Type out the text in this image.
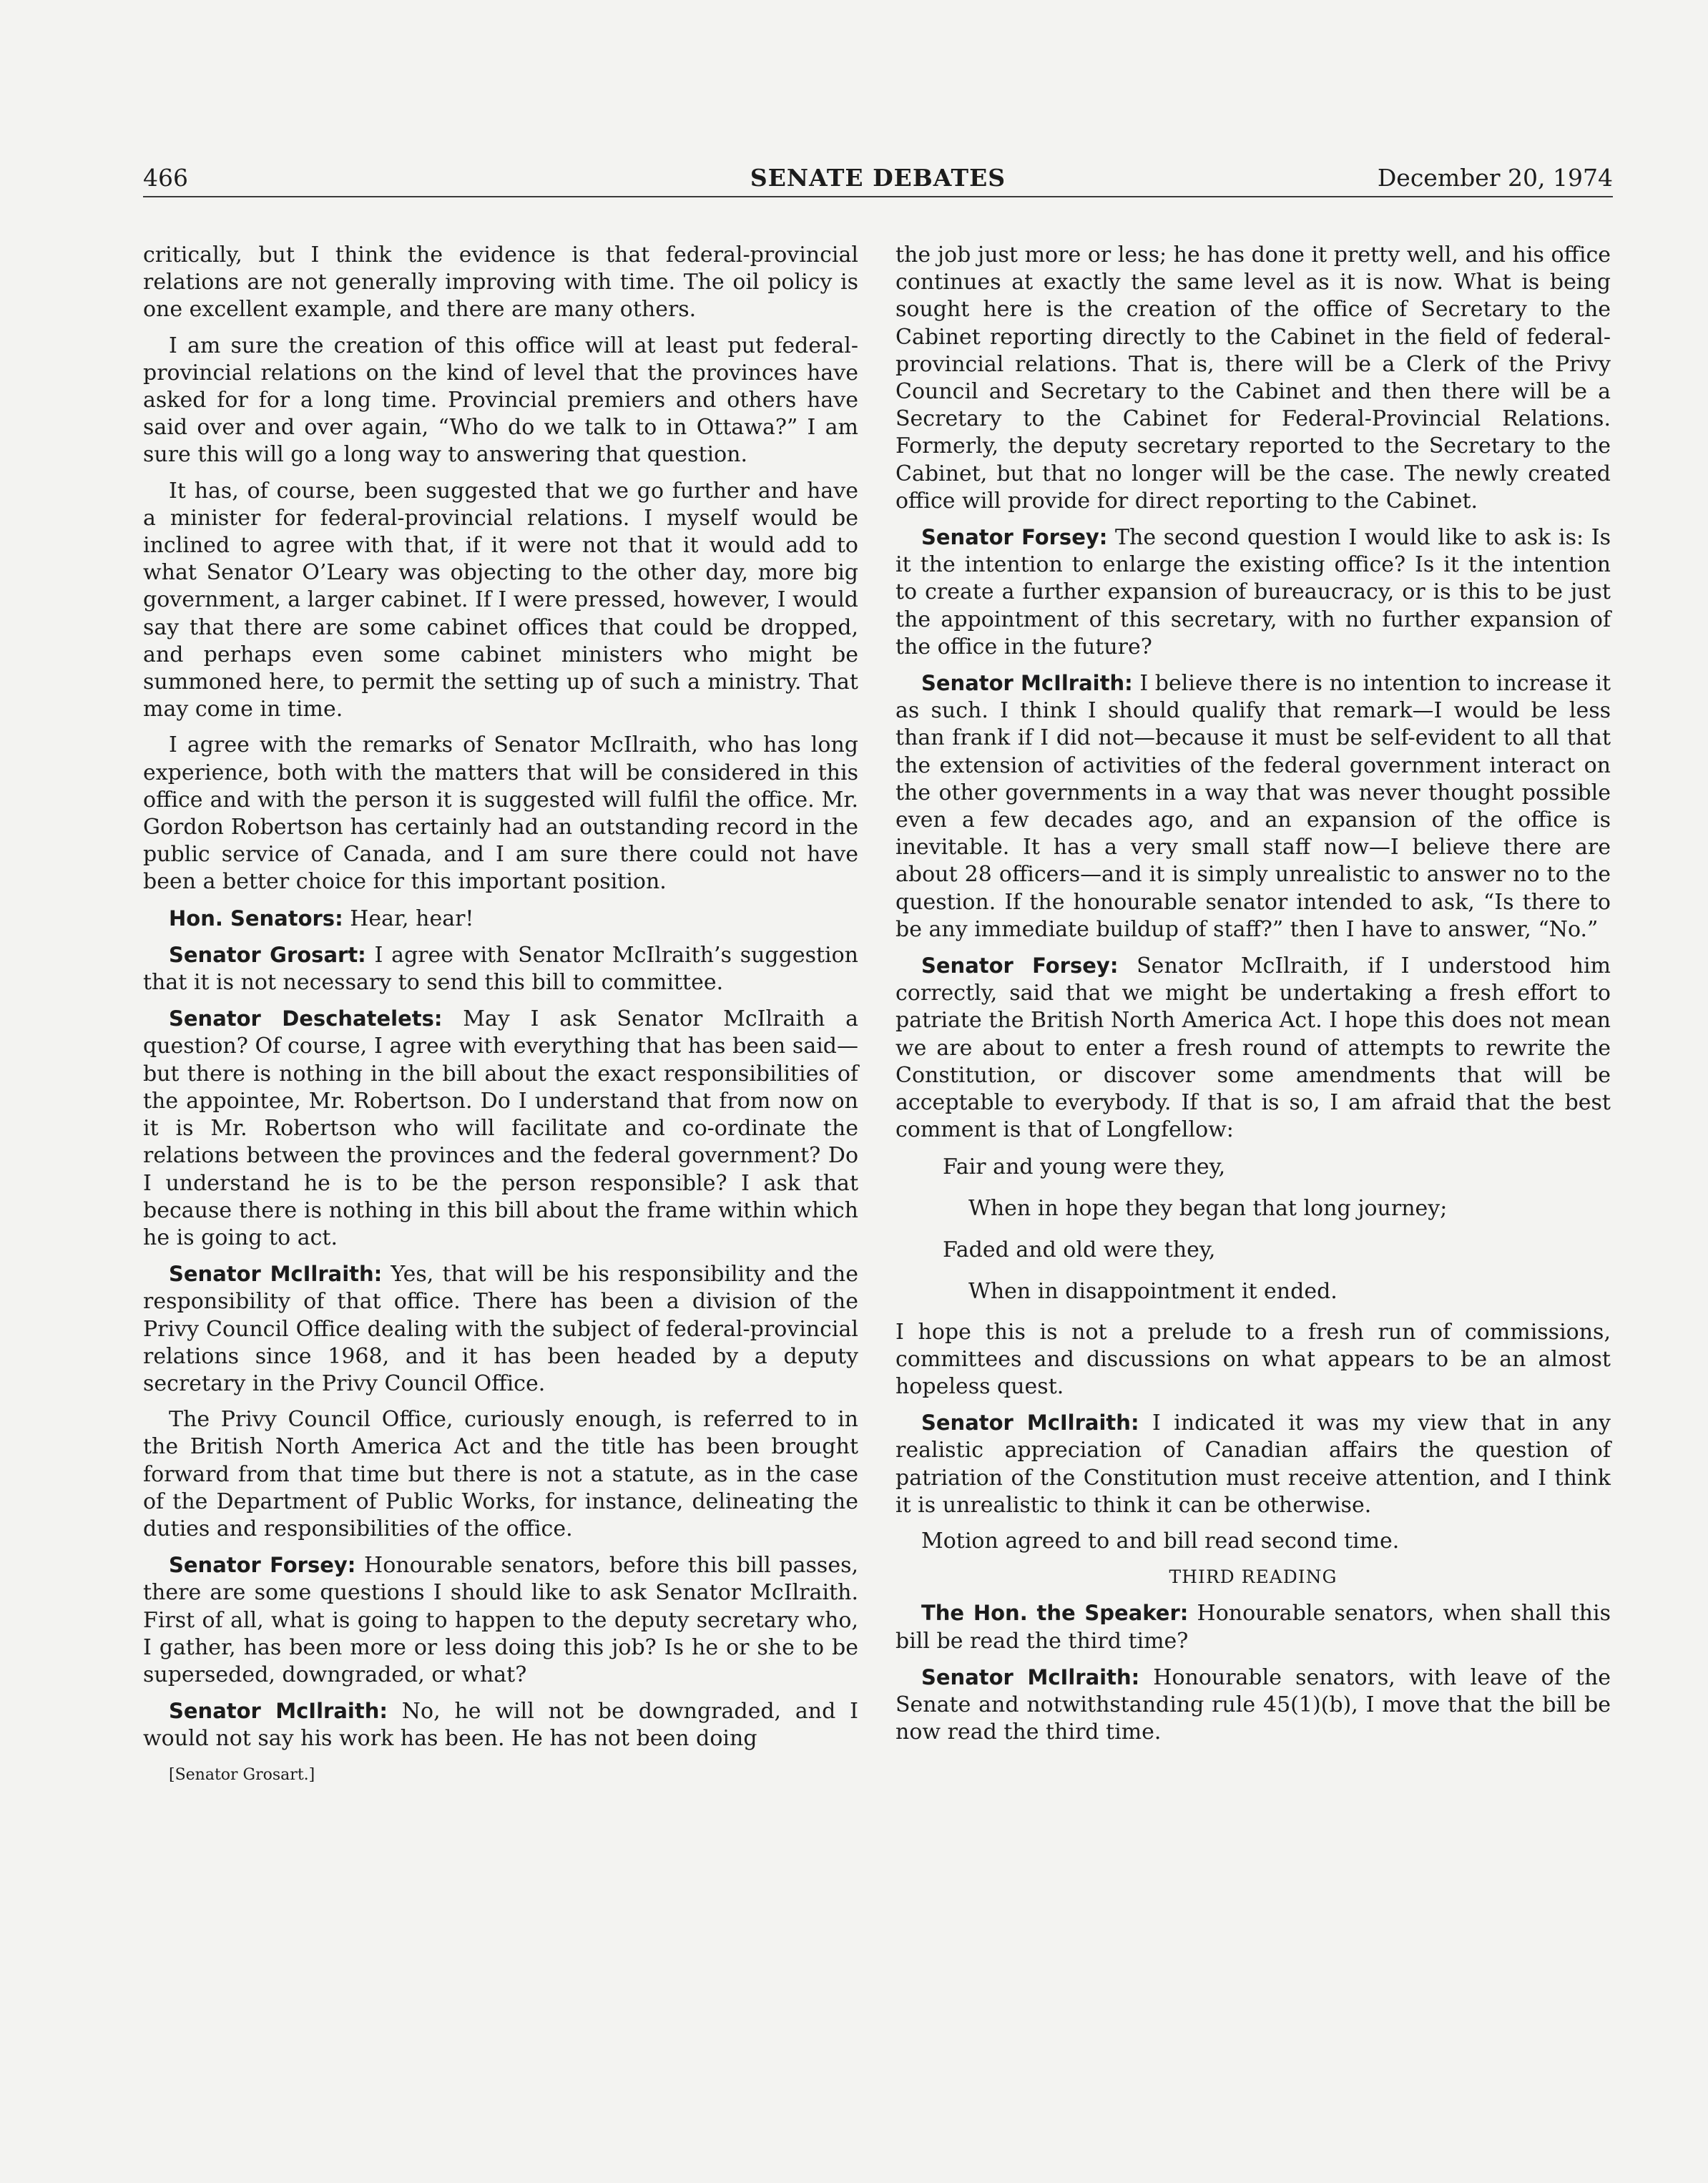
466	SENATE DEBATES	December 20, 1974

critically, but I think the evidence is that federal-provincial relations are not generally improving with time. The oil policy is one excellent example, and there are many others.

I am sure the creation of this office will at least put federal-provincial relations on the kind of level that the provinces have asked for for a long time. Provincial premiers and others have said over and over again, “Who do we talk to in Ottawa?” I am sure this will go a long way to answering that question.

It has, of course, been suggested that we go further and have a minister for federal-provincial relations. I myself would be inclined to agree with that, if it were not that it would add to what Senator O’Leary was objecting to the other day, more big government, a larger cabinet. If I were pressed, however, I would say that there are some cabinet offices that could be dropped, and perhaps even some cabinet ministers who might be summoned here, to permit the setting up of such a ministry. That may come in time.

I agree with the remarks of Senator McIlraith, who has long experience, both with the matters that will be considered in this office and with the person it is suggested will fulfil the office. Mr. Gordon Robertson has certainly had an outstanding record in the public service of Canada, and I am sure there could not have been a better choice for this important position.

Hon. Senators: Hear, hear!

Senator Grosart: I agree with Senator McIlraith’s suggestion that it is not necessary to send this bill to committee.

Senator Deschatelets: May I ask Senator McIlraith a question? Of course, I agree with everything that has been said—but there is nothing in the bill about the exact responsibilities of the appointee, Mr. Robertson. Do I understand that from now on it is Mr. Robertson who will facilitate and co-ordinate the relations between the provinces and the federal government? Do I understand he is to be the person responsible? I ask that because there is nothing in this bill about the frame within which he is going to act.

Senator McIlraith: Yes, that will be his responsibility and the responsibility of that office. There has been a division of the Privy Council Office dealing with the subject of federal-provincial relations since 1968, and it has been headed by a deputy secretary in the Privy Council Office.

The Privy Council Office, curiously enough, is referred to in the British North America Act and the title has been brought forward from that time but there is not a statute, as in the case of the Department of Public Works, for instance, delineating the duties and responsibilities of the office.

Senator Forsey: Honourable senators, before this bill passes, there are some questions I should like to ask Senator McIlraith. First of all, what is going to happen to the deputy secretary who, I gather, has been more or less doing this job? Is he or she to be superseded, downgraded, or what?

Senator McIlraith: No, he will not be downgraded, and I would not say his work has been. He has not been doing

[Senator Grosart.]

the job just more or less; he has done it pretty well, and his office continues at exactly the same level as it is now. What is being sought here is the creation of the office of Secretary to the Cabinet reporting directly to the Cabinet in the field of federal-provincial relations. That is, there will be a Clerk of the Privy Council and Secretary to the Cabinet and then there will be a Secretary to the Cabinet for Federal-Provincial Relations. Formerly, the deputy secretary reported to the Secretary to the Cabinet, but that no longer will be the case. The newly created office will provide for direct reporting to the Cabinet.

Senator Forsey: The second question I would like to ask is: Is it the intention to enlarge the existing office? Is it the intention to create a further expansion of bureaucracy, or is this to be just the appointment of this secretary, with no further expansion of the office in the future?

Senator McIlraith: I believe there is no intention to increase it as such. I think I should qualify that remark—I would be less than frank if I did not—because it must be self-evident to all that the extension of activities of the federal government interact on the other governments in a way that was never thought possible even a few decades ago, and an expansion of the office is inevitable. It has a very small staff now—I believe there are about 28 officers—and it is simply unrealistic to answer no to the question. If the honourable senator intended to ask, “Is there to be any immediate buildup of staff?” then I have to answer, “No.”

Senator Forsey: Senator McIlraith, if I understood him correctly, said that we might be undertaking a fresh effort to patriate the British North America Act. I hope this does not mean we are about to enter a fresh round of attempts to rewrite the Constitution, or discover some amendments that will be acceptable to everybody. If that is so, I am afraid that the best comment is that of Longfellow:

Fair and young were they,
When in hope they began that long journey;
Faded and old were they,
When in disappointment it ended.

I hope this is not a prelude to a fresh run of commissions, committees and discussions on what appears to be an almost hopeless quest.

Senator McIlraith: I indicated it was my view that in any realistic appreciation of Canadian affairs the question of patriation of the Constitution must receive attention, and I think it is unrealistic to think it can be otherwise.

Motion agreed to and bill read second time.

THIRD READING

The Hon. the Speaker: Honourable senators, when shall this bill be read the third time?

Senator McIlraith: Honourable senators, with leave of the Senate and notwithstanding rule 45(1)(b), I move that the bill be now read the third time.
